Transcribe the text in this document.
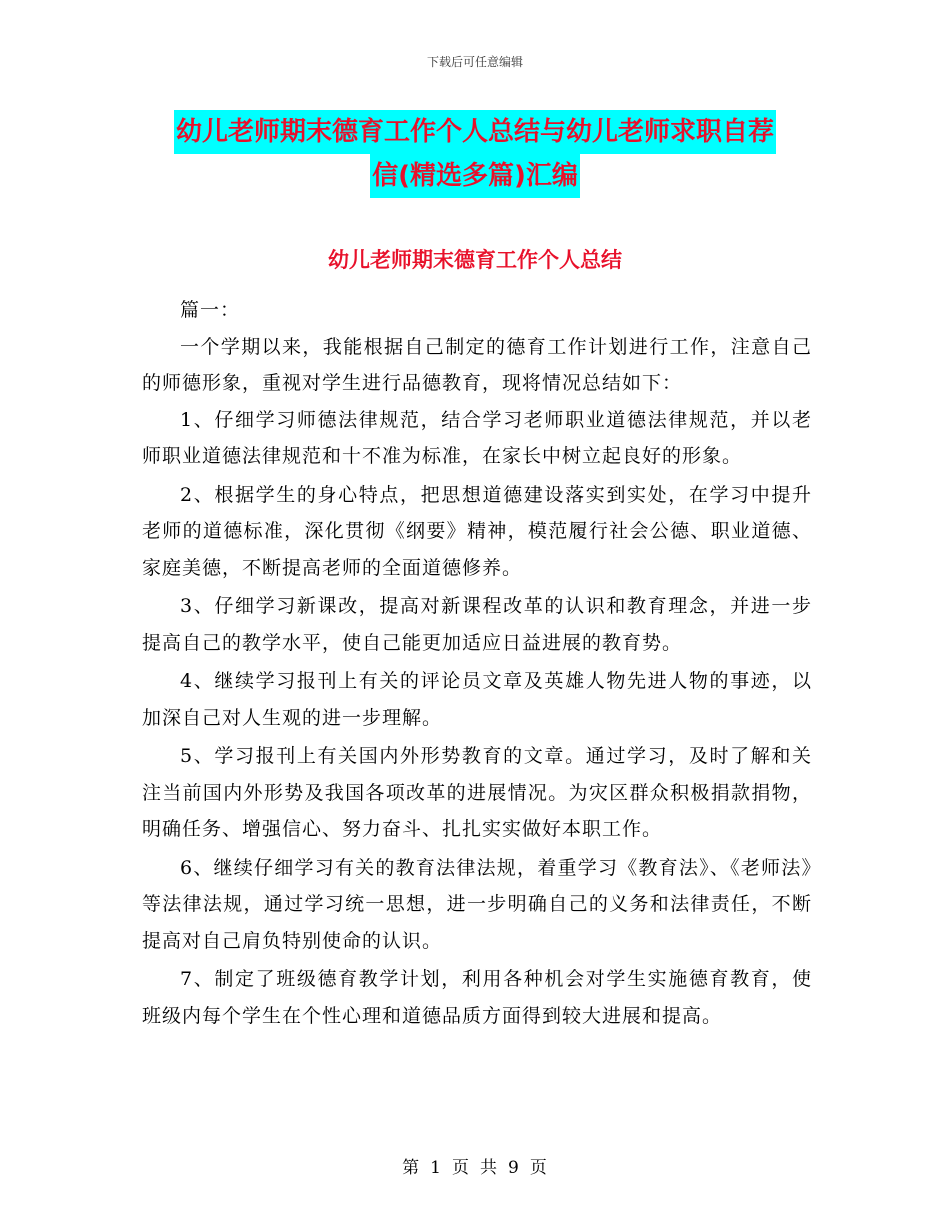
下载后可任意编辑
幼儿老师期末德育工作个人总结与幼儿老师求职自荐
信(精选多篇)汇编
幼儿老师期末德育工作个人总结

篇一：

一个学期以来，我能根据自己制定的德育工作计划进行工作，注意自己的师德形象，重视对学生进行品德教育，现将情况总结如下：

1、仔细学习师德法律规范，结合学习老师职业道德法律规范，并以老师职业道德法律规范和十不准为标准，在家长中树立起良好的形象。

2、根据学生的身心特点，把思想道德建设落实到实处，在学习中提升老师的道德标准，深化贯彻《纲要》精神，模范履行社会公德、职业道德、家庭美德，不断提高老师的全面道德修养。

3、仔细学习新课改，提高对新课程改革的认识和教育理念，并进一步提高自己的教学水平，使自己能更加适应日益进展的教育势。

4、继续学习报刊上有关的评论员文章及英雄人物先进人物的事迹，以加深自己对人生观的进一步理解。

5、学习报刊上有关国内外形势教育的文章。通过学习，及时了解和关注当前国内外形势及我国各项改革的进展情况。为灾区群众积极捐款捐物，明确任务、增强信心、努力奋斗、扎扎实实做好本职工作。

6、继续仔细学习有关的教育法律法规，着重学习《教育法》、《老师法》等法律法规，通过学习统一思想，进一步明确自己的义务和法律责任，不断提高对自己肩负特别使命的认识。

7、制定了班级德育教学计划，利用各种机会对学生实施德育教育，使班级内每个学生在个性心理和道德品质方面得到较大进展和提高。

第 1 页 共 9 页
